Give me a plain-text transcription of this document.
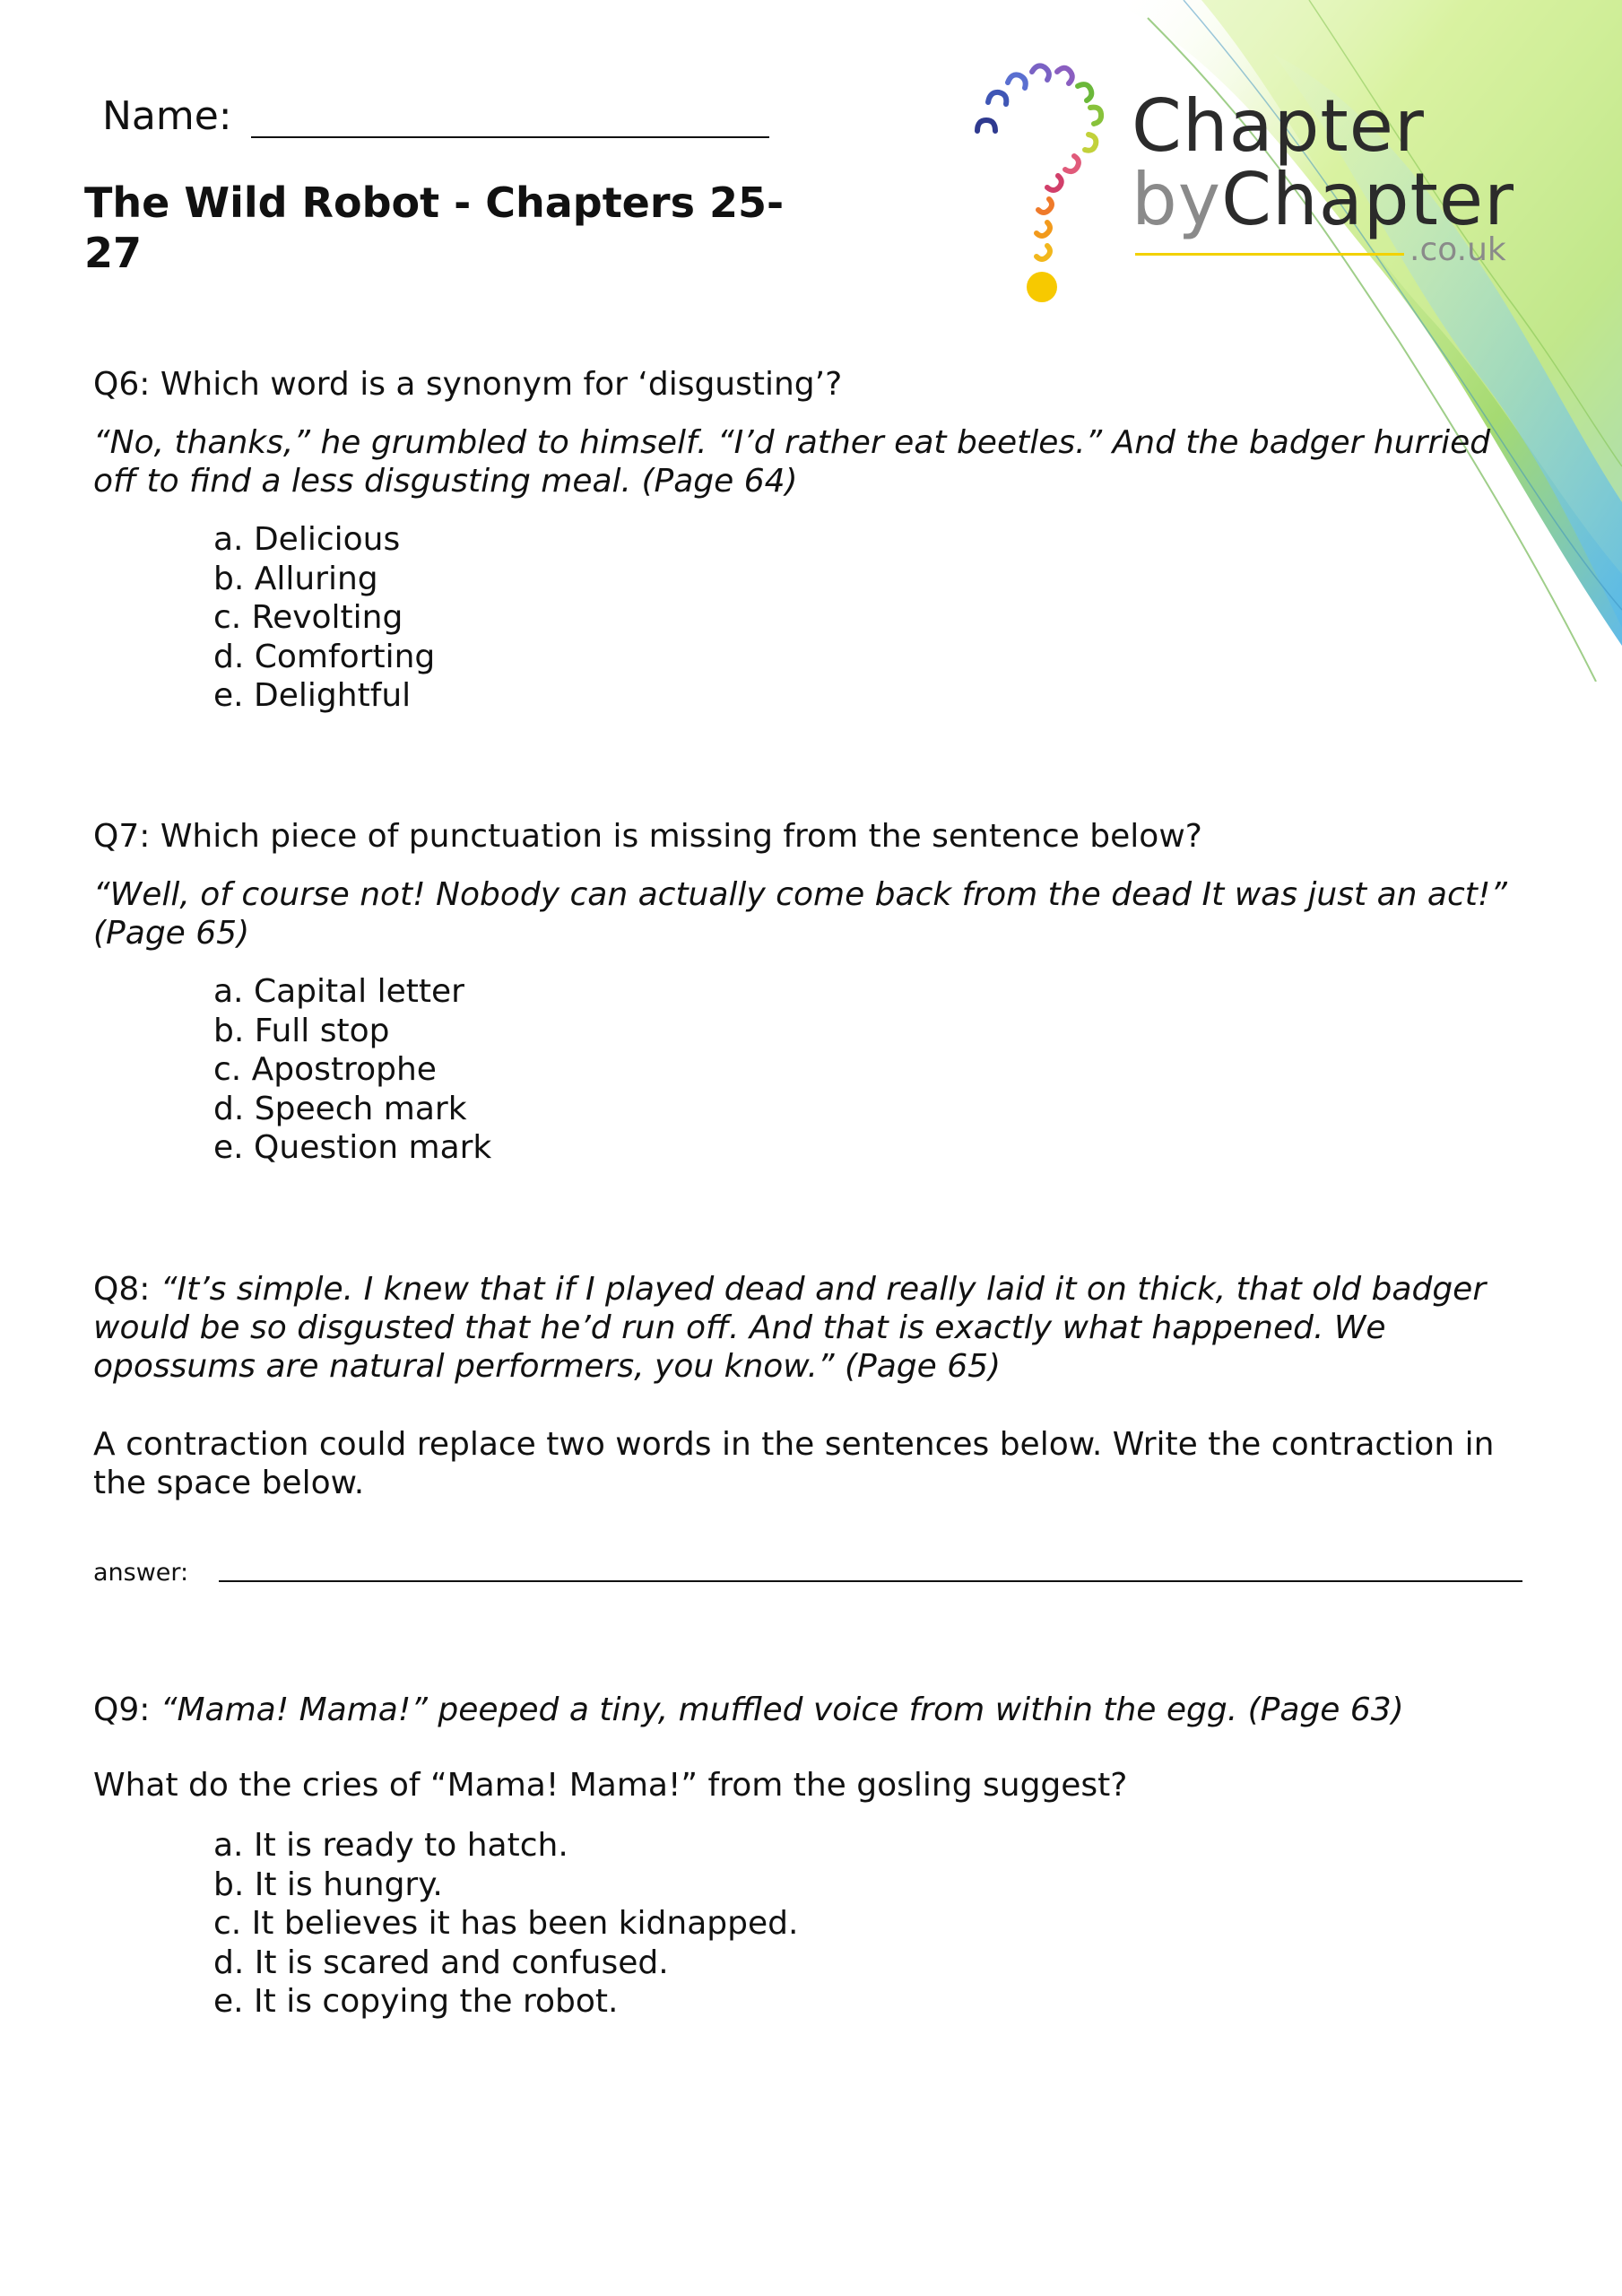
Chapter
byChapter
.co.uk
Name:
The Wild Robot - Chapters 25-27
Q6: Which word is a synonym for ‘disgusting’?
“No, thanks,” he grumbled to himself. “I’d rather eat beetles.” And the badger hurried off to find a less disgusting meal. (Page 64)
a. Delicious
b. Alluring
c. Revolting
d. Comforting
e. Delightful
Q7: Which piece of punctuation is missing from the sentence below?
“Well, of course not! Nobody can actually come back from the dead It was just an act!” (Page 65)
a. Capital letter
b. Full stop
c. Apostrophe
d. Speech mark
e. Question mark
Q8: “It’s simple. I knew that if I played dead and really laid it on thick, that old badger would be so disgusted that he’d run off. And that is exactly what happened. We opossums are natural performers, you know.” (Page 65)
A contraction could replace two words in the sentences below. Write the contraction in the space below.
answer:
Q9: “Mama! Mama!” peeped a tiny, muffled voice from within the egg. (Page 63)
What do the cries of “Mama! Mama!” from the gosling suggest?
a. It is ready to hatch.
b. It is hungry.
c. It believes it has been kidnapped.
d. It is scared and confused.
e. It is copying the robot.
